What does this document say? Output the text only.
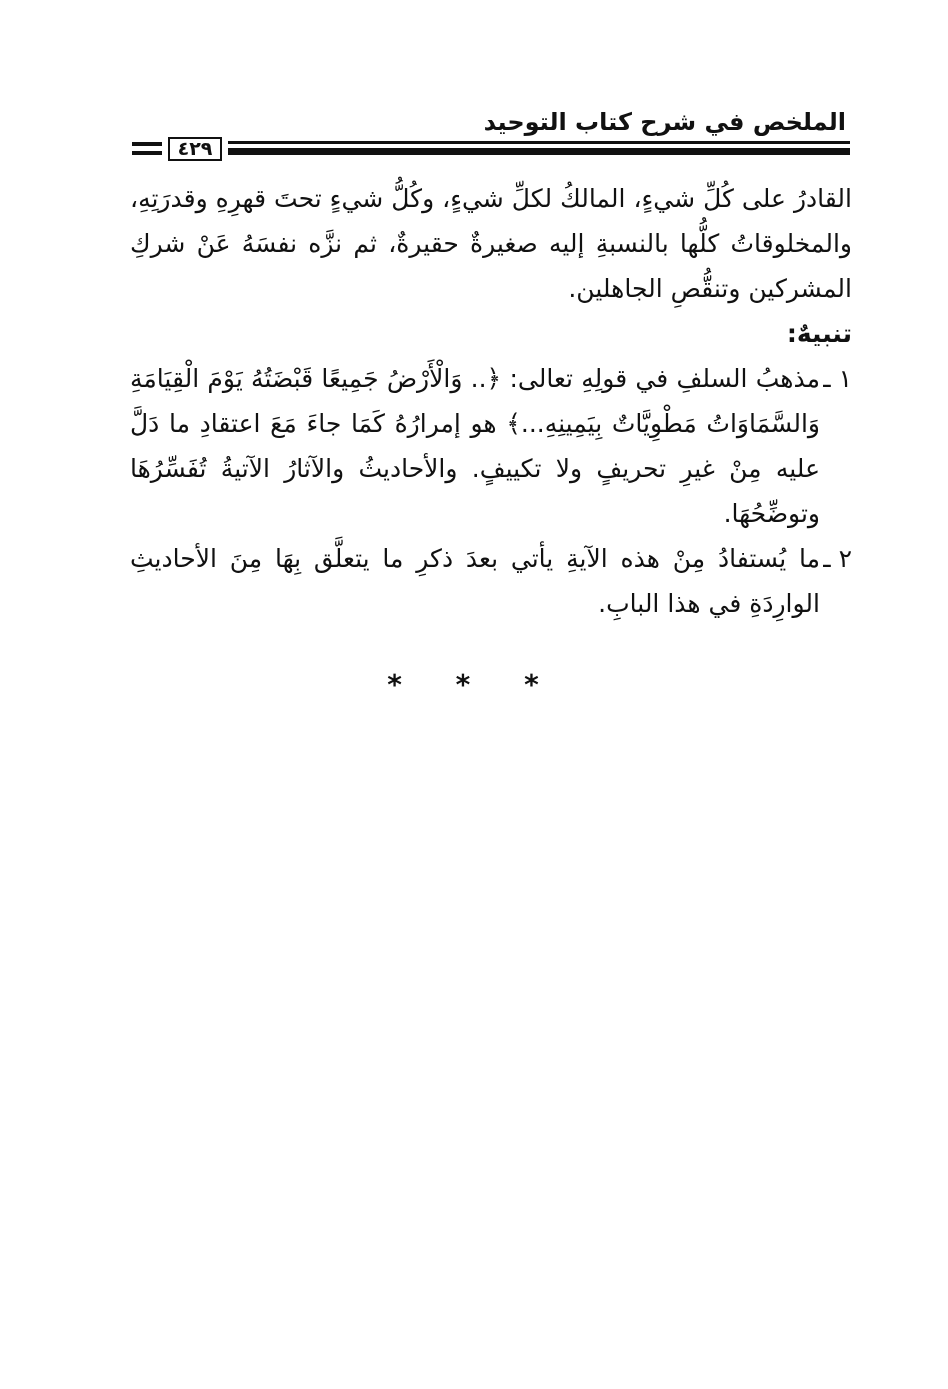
الملخص في شرح كتاب التوحيد
٤٢٩

القادرُ على كُلِّ شيءٍ، المالكُ لكلِّ شيءٍ، وكُلُّ شيءٍ تحتَ قهرِهِ وقدرَتِهِ، والمخلوقاتُ كلُّها بالنسبةِ إليه صغيرةٌ حقيرةٌ، ثم نزَّه نفسَهُ عَنْ شركِ المشركين وتنقُّصِ الجاهلين.

تنبيهٌ:

١ ـ
مذهبُ السلفِ في قولِهِ تعالى: ﴿.. وَالْأَرْضُ جَمِيعًا قَبْضَتُهُ يَوْمَ الْقِيَامَةِ وَالسَّمَاوَاتُ مَطْوِيَّاتٌ بِيَمِينِهِ...﴾ هو إمرارُهُ كَمَا جاءَ مَعَ اعتقادِ ما دَلَّ عليه مِنْ غيرِ تحريفٍ ولا تكييفٍ. والأحاديثُ والآثارُ الآتيةُ تُفَسِّرُهَا وتوضِّحُهَا.
٢ ـ
ما يُستفادُ مِنْ هذه الآيةِ يأتي بعدَ ذكرِ ما يتعلَّق بِهَا مِنَ الأحاديثِ الوارِدَةِ في هذا البابِ.
* * *
